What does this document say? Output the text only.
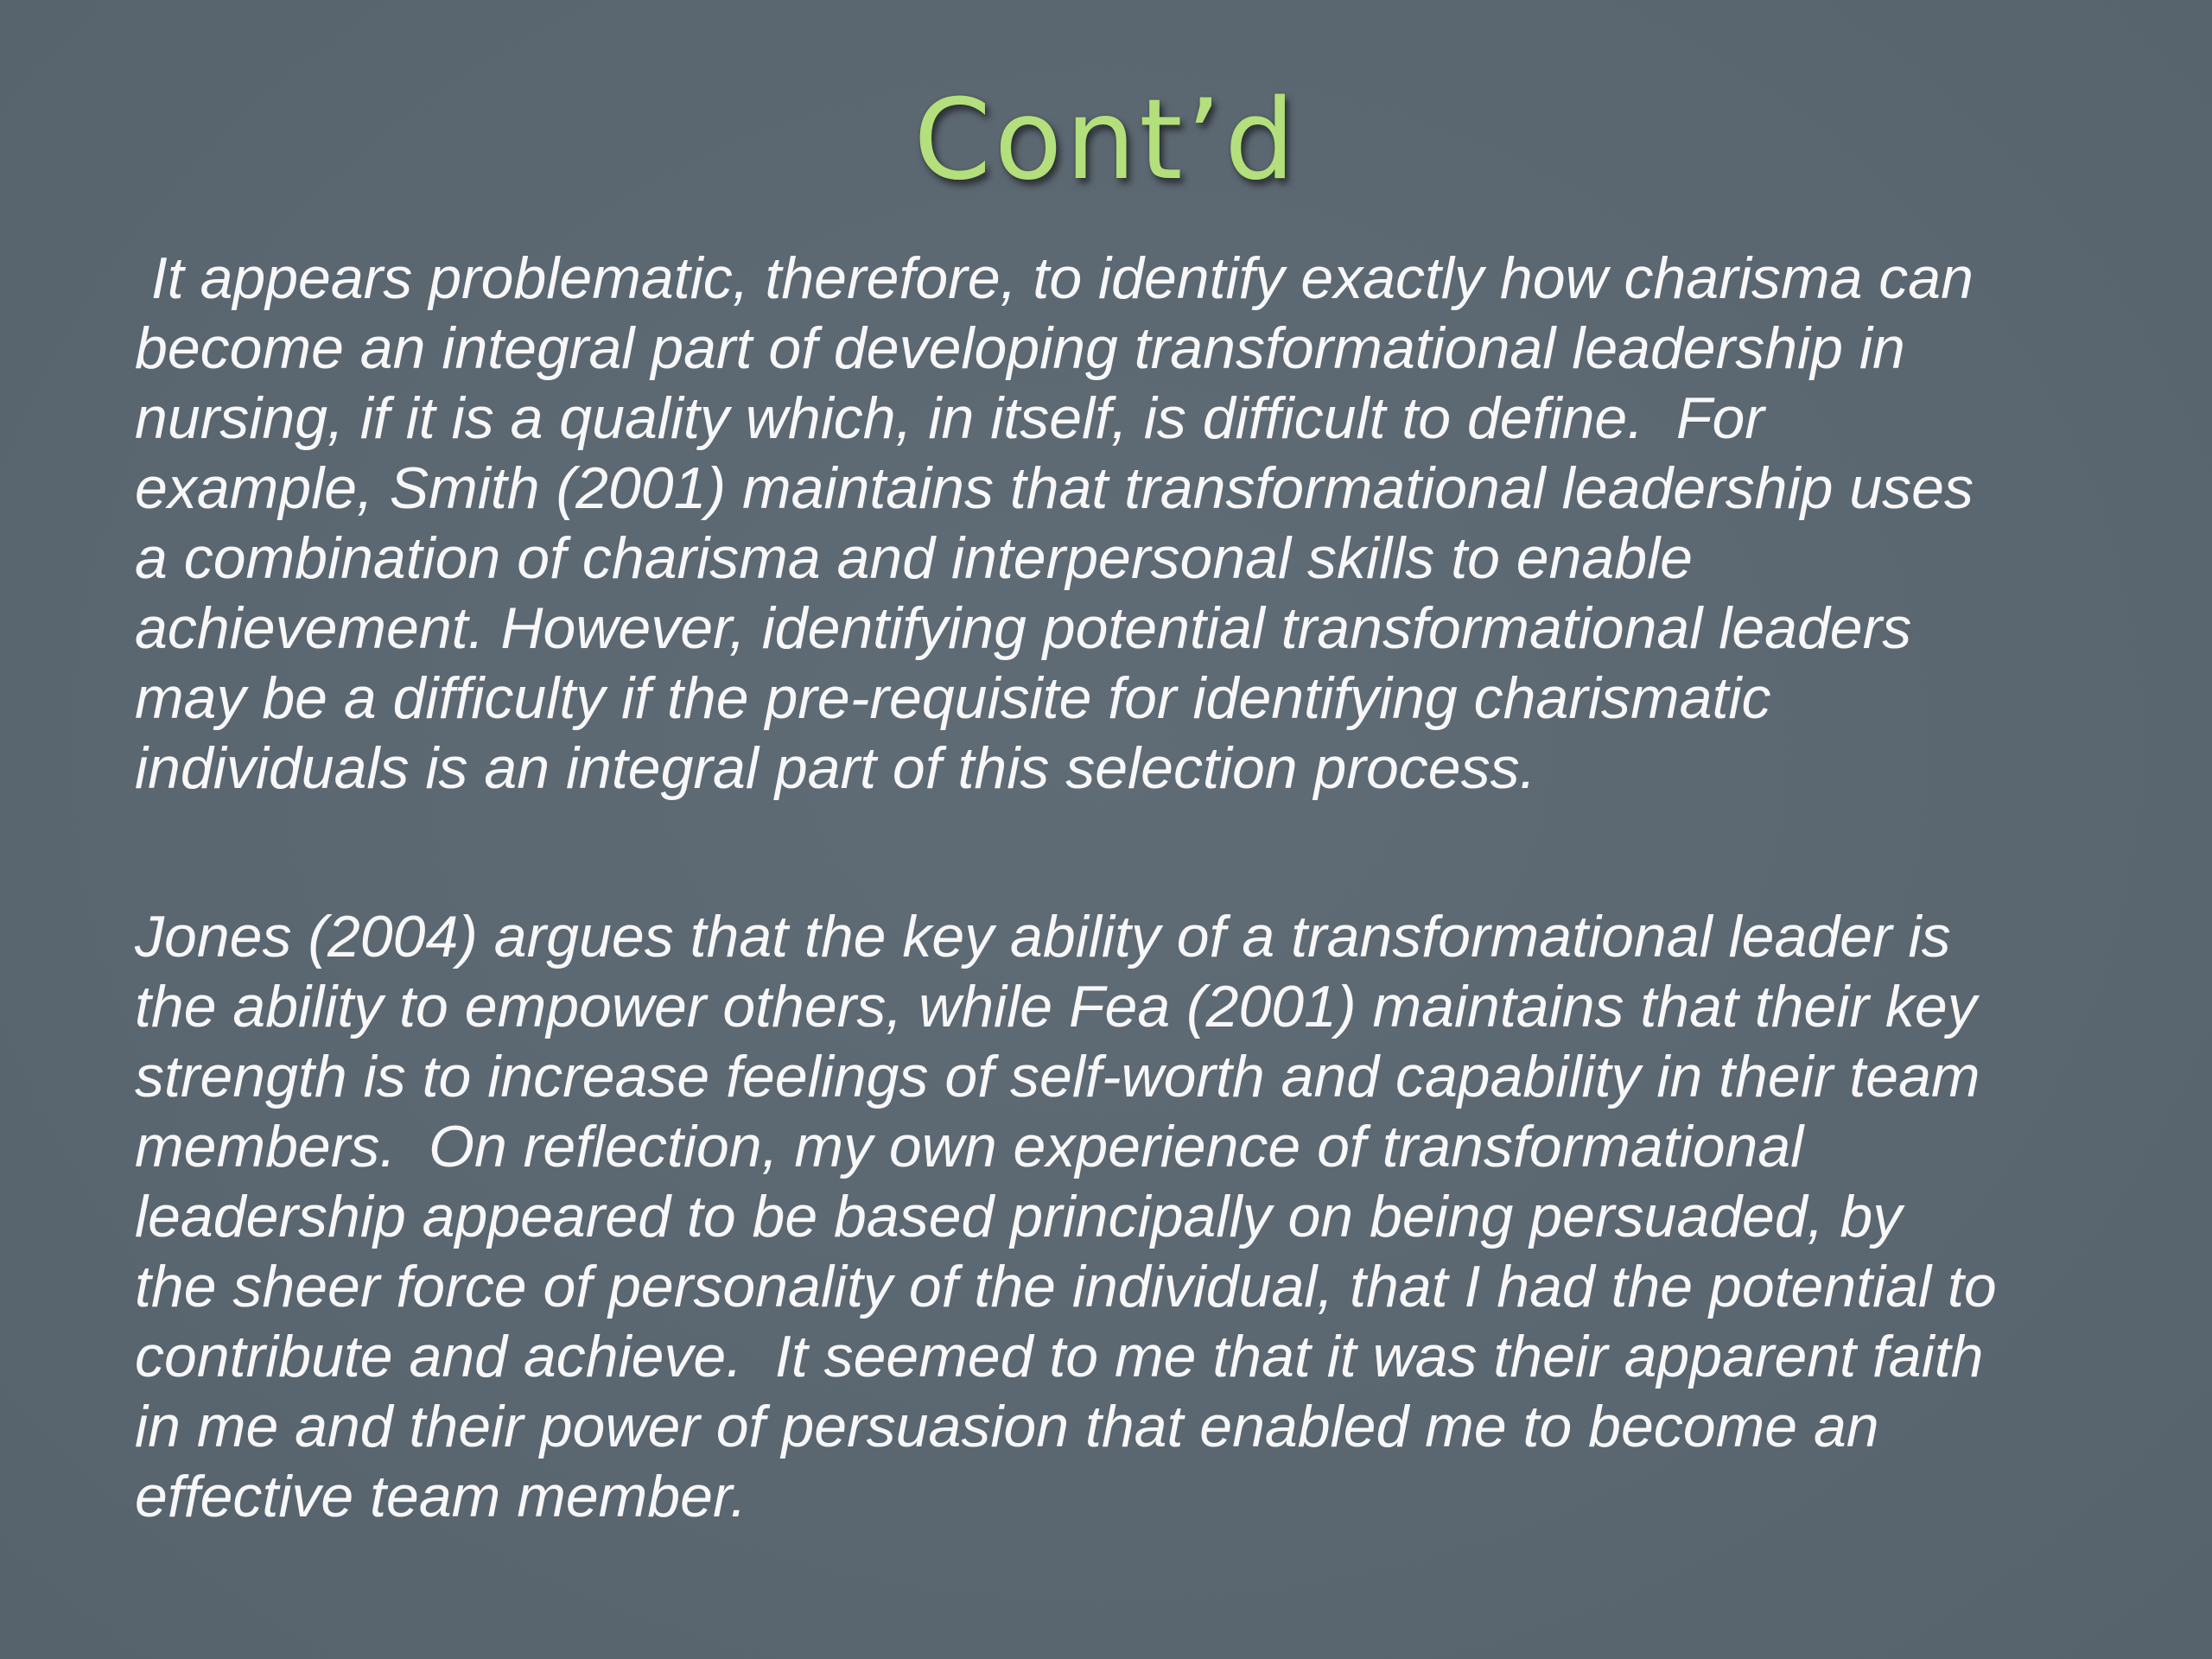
Cont’d
It appears problematic, therefore, to identify exactly how charisma can
become an integral part of developing transformational leadership in
nursing, if it is a quality which, in itself, is difficult to define.  For
example, Smith (2001) maintains that transformational leadership uses
a combination of charisma and interpersonal skills to enable
achievement. However, identifying potential transformational leaders
may be a difficulty if the pre-requisite for identifying charismatic
individuals is an integral part of this selection process.
Jones (2004) argues that the key ability of a transformational leader is
the ability to empower others, while Fea (2001) maintains that their key
strength is to increase feelings of self-worth and capability in their team
members.  On reflection, my own experience of transformational
leadership appeared to be based principally on being persuaded, by
the sheer force of personality of the individual, that I had the potential to
contribute and achieve.  It seemed to me that it was their apparent faith
in me and their power of persuasion that enabled me to become an
effective team member.
